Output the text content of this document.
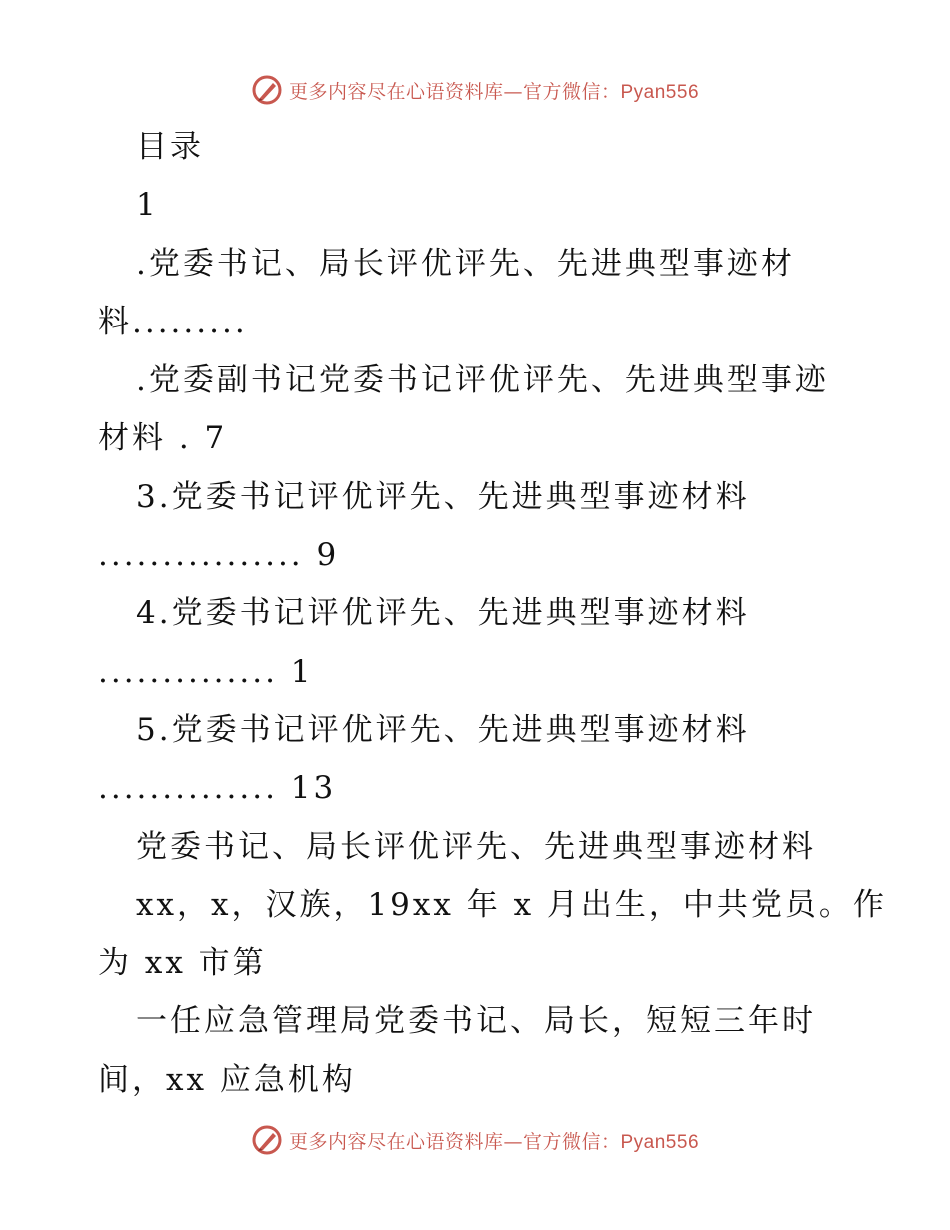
更多内容尽在心语资料库—官方微信：Pyan556
目录
1
.党委书记、局长评优评先、先进典型事迹材
料.........
.党委副书记党委书记评优评先、先进典型事迹
材料 . 7
3.党委书记评优评先、先进典型事迹材料
................ 9
4.党委书记评优评先、先进典型事迹材料
.............. 1
5.党委书记评优评先、先进典型事迹材料
.............. 13
党委书记、局长评优评先、先进典型事迹材料
xx，x，汉族，19xx 年 x 月出生，中共党员。作
为 xx 市第
一任应急管理局党委书记、局长，短短三年时
间，xx 应急机构
更多内容尽在心语资料库—官方微信：Pyan556
